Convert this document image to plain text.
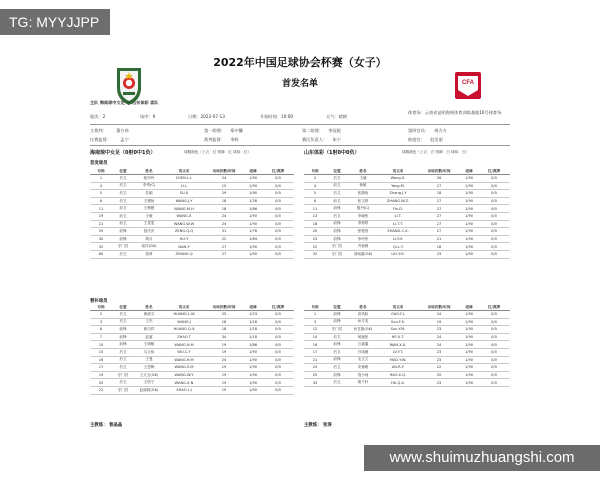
TG: MYYJJPP
CFA
2022年中国足球协会杯赛（女子）
首发名单
主队 海南琼中女足 — 山东体彩 客队
体育场：云南省昆明海埂体育训练基地16号体育场
轮次：2	场序：9	日期：2022-07-13	开始时间：10:00	天气：晴朗
主裁判：       董方伟	第一助理：    郑中馨	第二助理：    李冠妮	第四官员：    周方方
比赛监督：       孟宁	裁判监督：    李晖	赛区负责人：    朱宁	防疫官：    赵美丽
海南琼中女足（0射0中1负）	球服颜色（上衣：红 短裤：红 球袜：红）	山东体彩（1射0中0负）	球服颜色（上衣：白 短裤：白 球袜：白）
首发球员
号码	位置	姓名	英文名	出场次数/时间	进球	红/黄牌
1	后卫	欧玲玲	CHEN.L.L	24	1/90	0/0
4	后卫	李秀(C)	LI.L	10	1/90	0/0
5	后卫	苏颖	SU.X	29	1/90	0/0
6	后卫	王锡怡	WANG.J.Y	18	1/28	0/0
11	前卫	王梅慧	WANG.M.H	18	1/86	0/0
19	前卫	王敏	WANG.X	24	1/90	0/0
21	前卫	王雯雯	WANG.W.W	24	1/90	0/0
29	前锋	曾庆庆	ZENG.Q.Q	31	1/76	0/0
30	前锋	胡月	HU.Y	22	1/64	0/0
32	守门员	南洋(GK)	NAN.Y	27	1/90	0/0
60	后卫	张琦	ZHANG.Q	27	1/90	0/0
号码	位置	姓名	英文名	出场次数/时间	进球	红/黄牌
2	后卫	王晓	Wang.X.	26	1/90	0/0
4	前卫	杨敏	Yang.M.	27	1/90	0/0
5	后卫	张静怡	Zhang.J.Y	18	1/90	0/0
6	前卫	张文婷	ZHANG.W.Z.	27	1/90	0/0
11	前锋	殷丹(C)	Yin.D.	27	1/90	0/0
13	后卫	李晓彤	LI.T.	27	1/90	0/0
18	前锋	李婷婷	LI.T.T.	27	1/90	0/0
20	前锋	张程萱	ZHANG.C.X.	27	1/90	0/0
23	前锋	李玲彤	LI.Y.H.	21	1/90	0/0
22	守门员	齐琼嫣	Qi.L.Y	18	1/90	0/0
32	守门员	刘雨菡(GK)	LIU.Y.H.	23	1/90	0/0
替补球员
号码	位置	姓名	英文名	出场次数/时间	进球	红/黄牌
2	后卫	黄丽文	HUANG.L.W	25	1/23	0/0
3	后卫	王杰	WANG.J	18	1/18	0/0
8	前锋	黄巧祥	HUANG.Q.X	18	1/18	0/0
7	前锋	赵睿	ZHAO.T	34	1/18	0/0
10	前锋	王明敏	WANG.H.M	19	1/86	0/0
15	后卫	乌玉伟	WU.C.Y	19	1/90	0/0
16	后卫	王曼	WANG.H.M	24	1/90	0/0
17	后卫	王思梅	WANG.S.M	19	1/90	0/0
19	守门员	王文玉(GK)	WANG.W.Y	19	1/90	0/0
20	后卫	王欣宁	WANG.X.N	19	1/90	0/0
22	守门员	赵丽莉(GK)	ZHAO.L.J	19	1/90	0/0
号码	位置	姓名	英文名	出场次数/时间	进球	红/黄牌
1	前锋	高凤娇	GAO.F.J.	24	1/90	0/0
3	前锋	孙方英	Sun.F.X.	19	1/90	0/0
12	守门员	孙艺艳(GK)	Sun.Y.M.	23	1/90	0/0
14	后卫	何晓彤	HE.X.T.	24	1/90	0/0
16	前锋	万嘉鑫	WAN.X.X.	24	1/90	0/0
17	后卫	吕诺薇	LV.Y.T.	23	1/90	0/0
21	前锋	毛玉文	MAO.Y.W.	23	1/90	0/0
24	后卫	安蓉雅	AN.R.Y.	22	1/90	0/0
25	前锋	饶小纯	RAO.X.Q.	20	1/90	0/0
33	后卫	胡千轩	HU.Q.X.	23	1/90	0/0
主教练： 曾晶晶	主教练： 张涛
www.shuimuzhuangshi.com
